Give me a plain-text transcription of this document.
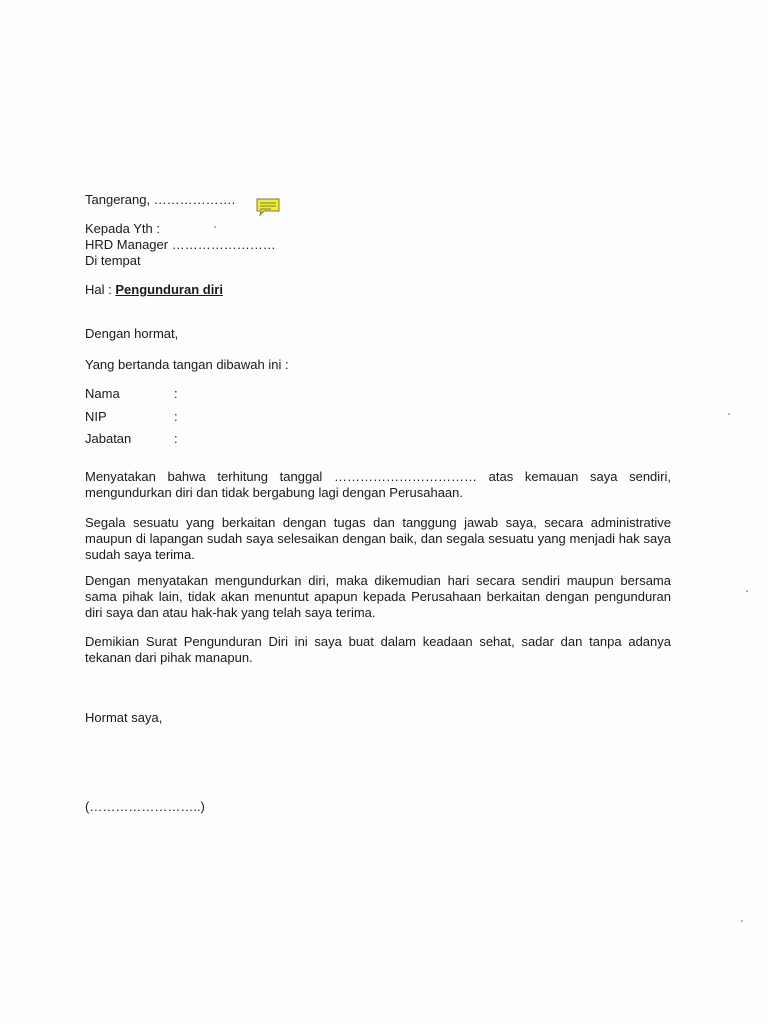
Tangerang, ……………….
Kepada Yth :
HRD Manager ……………………
Di tempat
Hal : Pengunduran diri
Dengan hormat,
Yang bertanda tangan dibawah ini :
Nama	:
NIP	:
Jabatan	:
Menyatakan bahwa terhitung tanggal …………………………… atas kemauan saya sendiri, mengundurkan diri dan tidak bergabung lagi dengan Perusahaan.
Segala sesuatu yang berkaitan dengan tugas dan tanggung jawab saya, secara administrative maupun di lapangan sudah saya selesaikan dengan baik, dan segala sesuatu yang menjadi hak saya sudah saya terima.
Dengan menyatakan mengundurkan diri, maka dikemudian hari secara sendiri maupun bersama sama pihak lain, tidak akan menuntut apapun kepada Perusahaan berkaitan dengan pengunduran diri saya dan atau hak-hak yang telah saya terima.
Demikian Surat Pengunduran Diri ini saya buat dalam keadaan sehat, sadar dan tanpa adanya tekanan dari pihak manapun.
Hormat saya,
(……………………..)
